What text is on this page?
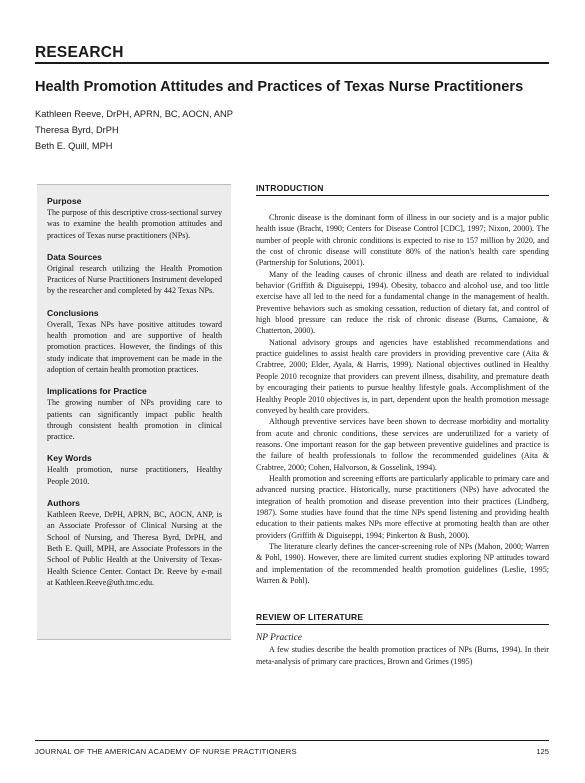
RESEARCH
Health Promotion Attitudes and Practices of Texas Nurse Practitioners
Kathleen Reeve, DrPH, APRN, BC, AOCN, ANP
Theresa Byrd, DrPH
Beth E. Quill, MPH

Purpose

The purpose of this descriptive cross-sectional survey was to examine the health promotion attitudes and practices of Texas nurse practitioners (NPs).

Data Sources

Original research utilizing the Health Promotion Practices of Nurse Practitioners Instrument developed by the researcher and completed by 442 Texas NPs.

Conclusions

Overall, Texas NPs have positive attitudes toward health promotion and are supportive of health promotion practices. However, the findings of this study indicate that improvement can be made in the adoption of certain health promotion practices.

Implications for Practice

The growing number of NPs providing care to patients can significantly impact public health through consistent health promotion in clinical practice.

Key Words

Health promotion, nurse practitioners, Healthy People 2010.

Authors

Kathleen Reeve, DrPH, APRN, BC, AOCN, ANP, is an Associate Professor of Clinical Nursing at the School of Nursing, and Theresa Byrd, DrPH, and Beth E. Quill, MPH, are Associate Professors in the School of Public Health at the University of Texas- Health Science Center. Contact Dr. Reeve by e-mail at Kathleen.Reeve@uth.tmc.edu.

INTRODUCTION

Chronic disease is the dominant form of illness in our society and is a major public health issue (Bracht, 1990; Centers for Disease Control [CDC], 1997; Nixon, 2000). The number of people with chronic conditions is expected to rise to 157 million by 2020, and the cost of chronic disease will constitute 80% of the nation's health care spending (Partnership for Solutions, 2001).

Many of the leading causes of chronic illness and death are related to individual behavior (Griffith & Diguiseppi, 1994). Obesity, tobacco and alcohol use, and too little exercise have all led to the need for a fundamental change in the management of health. Preventive behaviors such as smoking cessation, reduction of dietary fat, and control of high blood pressure can reduce the risk of chronic disease (Burns, Camaione, & Chatterton, 2000).

National advisory groups and agencies have established recommendations and practice guidelines to assist health care providers in providing preventive care (Aita & Crabtree, 2000; Elder, Ayala, & Harris, 1999). National objectives outlined in Healthy People 2010 recognize that providers can prevent illness, disability, and premature death by encouraging their patients to pursue healthy lifestyle goals. Accomplishment of the Healthy People 2010 objectives is, in part, dependent upon the health promotion message conveyed by health care providers.

Although preventive services have been shown to decrease morbidity and mortality from acute and chronic conditions, these services are underutilized for a variety of reasons. One important reason for the gap between preventive guidelines and practice is the failure of health professionals to follow the recommended guidelines (Aita & Crabtree, 2000; Cohen, Halvorson, & Gosselink, 1994).

Health promotion and screening efforts are particularly applicable to primary care and advanced nursing practice. Historically, nurse practitioners (NPs) have advocated the integration of health promotion and disease prevention into their practices (Lindberg, 1987). Some studies have found that the time NPs spend listening and providing health education to their patients makes NPs more effective at promoting health than are other providers (Griffith & Diguiseppi, 1994; Pinkerton & Bush, 2000).

The literature clearly defines the cancer-screening role of NPs (Mahon, 2000; Warren & Pohl, 1990). However, there are limited current studies exploring NP attitudes toward and implementation of the recommended health promotion guidelines (Leslie, 1995; Warren & Pohl).

REVIEW OF LITERATURE

NP Practice

A few studies describe the health promotion practices of NPs (Burns, 1994). In their meta-analysis of primary care practices, Brown and Grimes (1995)

JOURNAL OF THE AMERICAN ACADEMY OF NURSE PRACTITIONERS	125
